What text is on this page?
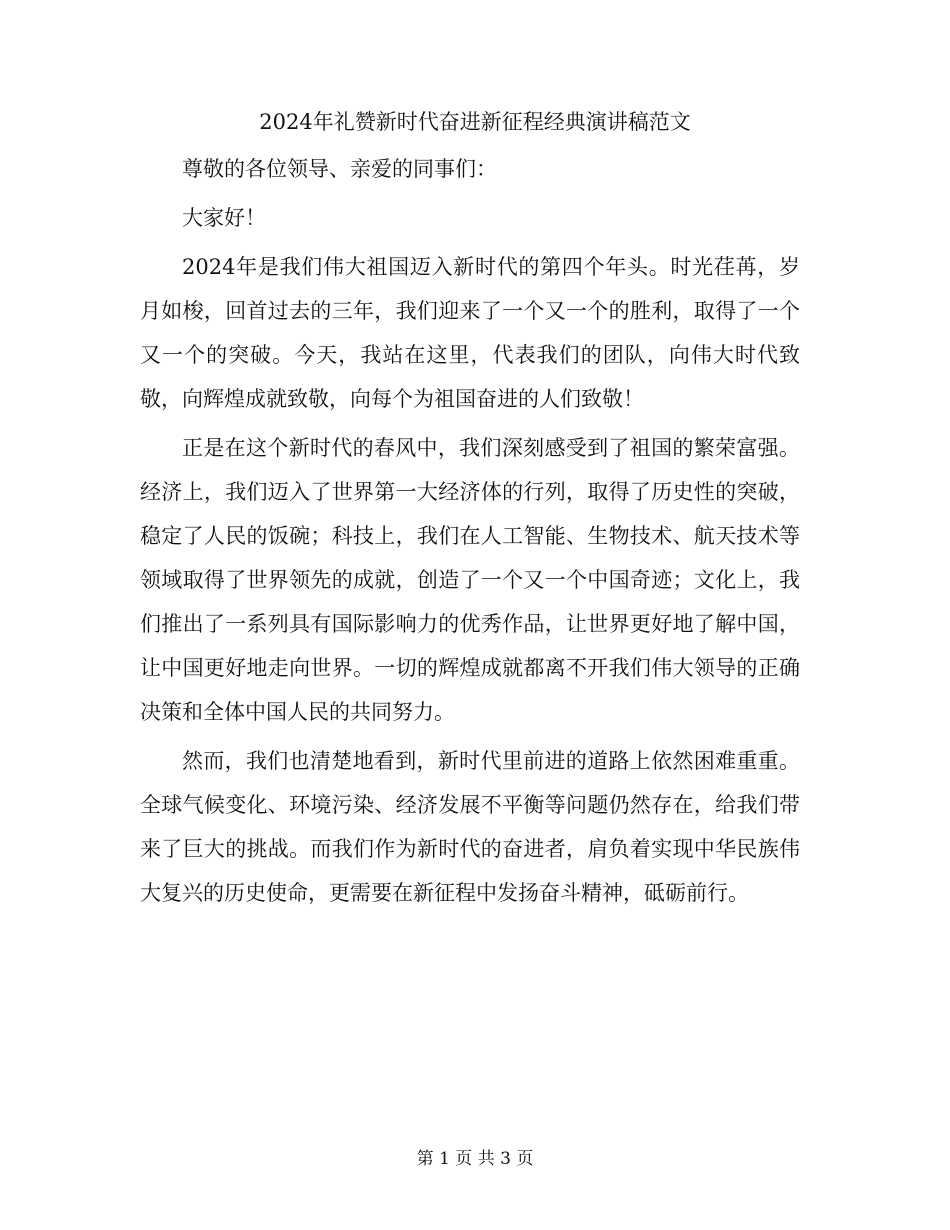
2024年礼赞新时代奋进新征程经典演讲稿范文

尊敬的各位领导、亲爱的同事们：

大家好！

2024年是我们伟大祖国迈入新时代的第四个年头。时光荏苒，岁月如梭，回首过去的三年，我们迎来了一个又一个的胜利，取得了一个又一个的突破。今天，我站在这里，代表我们的团队，向伟大时代致敬，向辉煌成就致敬，向每个为祖国奋进的人们致敬！

正是在这个新时代的春风中，我们深刻感受到了祖国的繁荣富强。经济上，我们迈入了世界第一大经济体的行列，取得了历史性的突破，稳定了人民的饭碗；科技上，我们在人工智能、生物技术、航天技术等领域取得了世界领先的成就，创造了一个又一个中国奇迹；文化上，我们推出了一系列具有国际影响力的优秀作品，让世界更好地了解中国，让中国更好地走向世界。一切的辉煌成就都离不开我们伟大领导的正确决策和全体中国人民的共同努力。

然而，我们也清楚地看到，新时代里前进的道路上依然困难重重。全球气候变化、环境污染、经济发展不平衡等问题仍然存在，给我们带来了巨大的挑战。而我们作为新时代的奋进者，肩负着实现中华民族伟大复兴的历史使命，更需要在新征程中发扬奋斗精神，砥砺前行。

第 1 页 共 3 页
